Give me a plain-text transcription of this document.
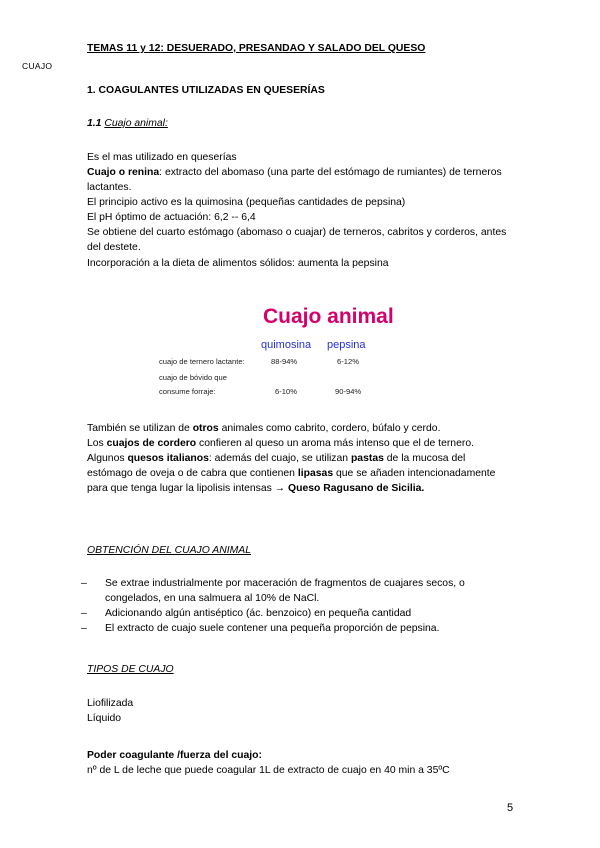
CUAJO
TEMAS 11 y 12: DESUERADO, PRESANDAO Y SALADO DEL QUESO
1. COAGULANTES UTILIZADAS EN QUESERÍAS
1.1 Cuajo animal:

Es el mas utilizado en queserías

Cuajo o renina: extracto del abomaso (una parte del estómago de rumiantes) de terneros lactantes.

El principio activo es la quimosina (pequeñas cantidades de pepsina)

El pH óptimo de actuación: 6,2 -- 6,4

Se obtiene del cuarto estómago (abomaso o cuajar) de terneros, cabritos y corderos, antes del destete.

Incorporación a la dieta de alimentos sólidos: aumenta la pepsina

Cuajo animal
quimosina pepsina
cuajo de ternero lactante:	88-94%	6-12%
cuajo de bóvido que
consume forraje:	6-10%	90-94%

También se utilizan de otros animales como cabrito, cordero, búfalo y cerdo.

Los cuajos de cordero confieren al queso un aroma más intenso que el de ternero.

Algunos quesos italianos: además del cuajo, se utilizan pastas de la mucosa del estómago de oveja o de cabra que contienen lipasas que se añaden intencionadamente para que tenga lugar la lipolisis intensas → Queso Ragusano de Sicilia.

OBTENCIÓN DEL CUAJO ANIMAL
– Se extrae industrialmente por maceración de fragmentos de cuajares secos, o congelados, en una salmuera al 10% de NaCl.
– Adicionando algún antiséptico (ác. benzoico) en pequeña cantidad
– El extracto de cuajo suele contener una pequeña proporción de pepsina.
TIPOS DE CUAJO

Liofilizada

Líquido

Poder coagulante /fuerza del cuajo:

nº de L de leche que puede coagular 1L de extracto de cuajo en 40 min a 35ºC

5
